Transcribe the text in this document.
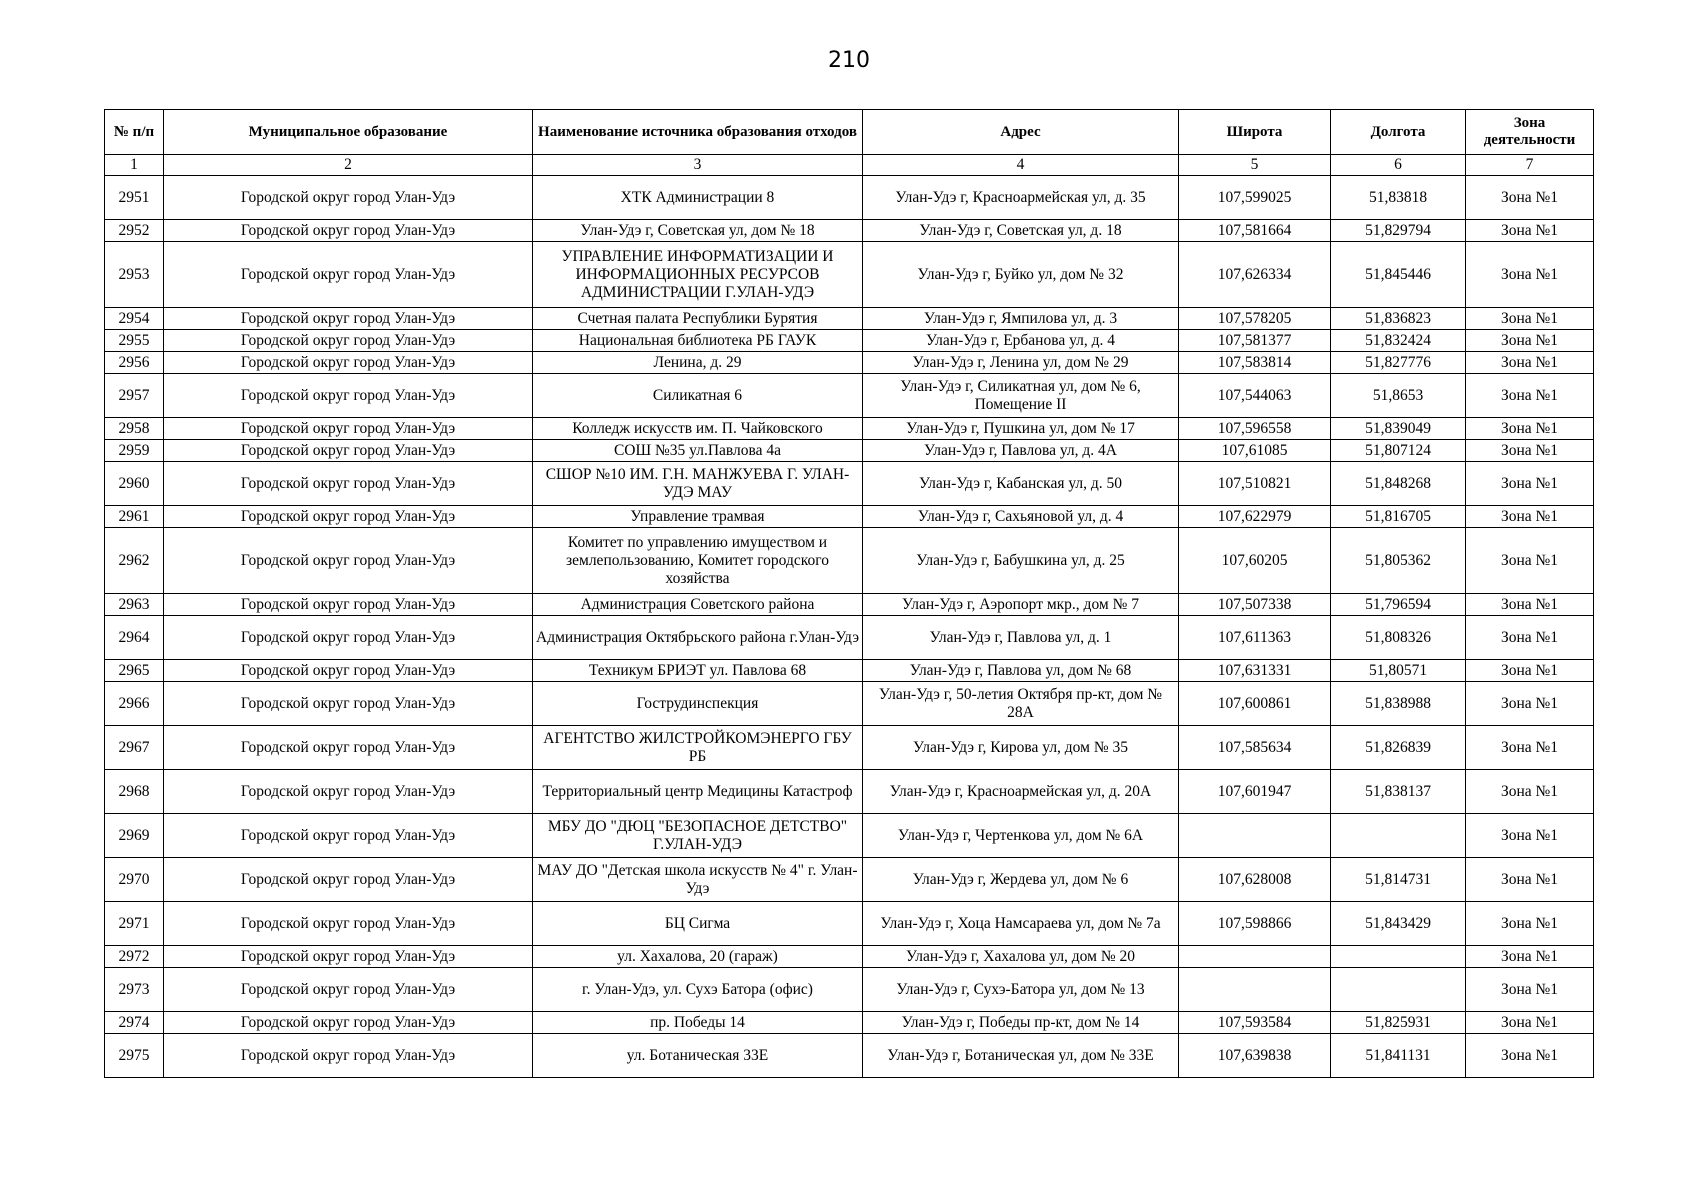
210
№ п/п	Муниципальное образование	Наименование источника образования отходов	Адрес	Широта	Долгота	Зона деятельности
1	2	3	4	5	6	7
2951	Городской округ город Улан-Удэ	ХТК Администрации 8	Улан-Удэ г, Красноармейская ул, д. 35	107,599025	51,83818	Зона №1
2952	Городской округ город Улан-Удэ	Улан-Удэ г, Советская ул, дом № 18	Улан-Удэ г, Советская ул, д. 18	107,581664	51,829794	Зона №1
2953	Городской округ город Улан-Удэ	УПРАВЛЕНИЕ ИНФОРМАТИЗАЦИИ И ИНФОРМАЦИОННЫХ РЕСУРСОВ АДМИНИСТРАЦИИ Г.УЛАН-УДЭ	Улан-Удэ г, Буйко ул, дом № 32	107,626334	51,845446	Зона №1
2954	Городской округ город Улан-Удэ	Счетная палата Республики Бурятия	Улан-Удэ г, Ямпилова ул, д. 3	107,578205	51,836823	Зона №1
2955	Городской округ город Улан-Удэ	Национальная библиотека РБ ГАУК	Улан-Удэ г, Ербанова ул, д. 4	107,581377	51,832424	Зона №1
2956	Городской округ город Улан-Удэ	Ленина, д. 29	Улан-Удэ г, Ленина ул, дом № 29	107,583814	51,827776	Зона №1
2957	Городской округ город Улан-Удэ	Силикатная 6	Улан-Удэ г, Силикатная ул, дом № 6, Помещение II	107,544063	51,8653	Зона №1
2958	Городской округ город Улан-Удэ	Колледж искусств им. П. Чайковского	Улан-Удэ г, Пушкина ул, дом № 17	107,596558	51,839049	Зона №1
2959	Городской округ город Улан-Удэ	СОШ №35 ул.Павлова 4а	Улан-Удэ г, Павлова ул, д. 4А	107,61085	51,807124	Зона №1
2960	Городской округ город Улан-Удэ	СШОР №10 ИМ. Г.Н. МАНЖУЕВА Г. УЛАН-УДЭ МАУ	Улан-Удэ г, Кабанская ул, д. 50	107,510821	51,848268	Зона №1
2961	Городской округ город Улан-Удэ	Управление трамвая	Улан-Удэ г, Сахьяновой ул, д. 4	107,622979	51,816705	Зона №1
2962	Городской округ город Улан-Удэ	Комитет по управлению имуществом и землепользованию, Комитет городского хозяйства	Улан-Удэ г, Бабушкина ул, д. 25	107,60205	51,805362	Зона №1
2963	Городской округ город Улан-Удэ	Администрация Советского района	Улан-Удэ г, Аэропорт мкр., дом № 7	107,507338	51,796594	Зона №1
2964	Городской округ город Улан-Удэ	Администрация Октябрьского района г.Улан-Удэ	Улан-Удэ г, Павлова ул, д. 1	107,611363	51,808326	Зона №1
2965	Городской округ город Улан-Удэ	Техникум БРИЭТ ул. Павлова 68	Улан-Удэ г, Павлова ул, дом № 68	107,631331	51,80571	Зона №1
2966	Городской округ город Улан-Удэ	Гострудинспекция	Улан-Удэ г, 50-летия Октября пр-кт, дом № 28А	107,600861	51,838988	Зона №1
2967	Городской округ город Улан-Удэ	АГЕНТСТВО ЖИЛСТРОЙКОМЭНЕРГО ГБУ РБ	Улан-Удэ г, Кирова ул, дом № 35	107,585634	51,826839	Зона №1
2968	Городской округ город Улан-Удэ	Территориальный центр Медицины Катастроф	Улан-Удэ г, Красноармейская ул, д. 20А	107,601947	51,838137	Зона №1
2969	Городской округ город Улан-Удэ	МБУ ДО "ДЮЦ "БЕЗОПАСНОЕ ДЕТСТВО" Г.УЛАН-УДЭ	Улан-Удэ г, Чертенкова ул, дом № 6А			Зона №1
2970	Городской округ город Улан-Удэ	МАУ ДО "Детская школа искусств № 4" г. Улан-Удэ	Улан-Удэ г, Жердева ул, дом № 6	107,628008	51,814731	Зона №1
2971	Городской округ город Улан-Удэ	БЦ Сигма	Улан-Удэ г, Хоца Намсараева ул, дом № 7а	107,598866	51,843429	Зона №1
2972	Городской округ город Улан-Удэ	ул. Хахалова, 20 (гараж)	Улан-Удэ г, Хахалова ул, дом № 20			Зона №1
2973	Городской округ город Улан-Удэ	г. Улан-Удэ, ул. Сухэ Батора (офис)	Улан-Удэ г, Сухэ-Батора ул, дом № 13			Зона №1
2974	Городской округ город Улан-Удэ	пр. Победы 14	Улан-Удэ г, Победы пр-кт, дом № 14	107,593584	51,825931	Зона №1
2975	Городской округ город Улан-Удэ	ул. Ботаническая 33Е	Улан-Удэ г, Ботаническая ул, дом № 33Е	107,639838	51,841131	Зона №1
